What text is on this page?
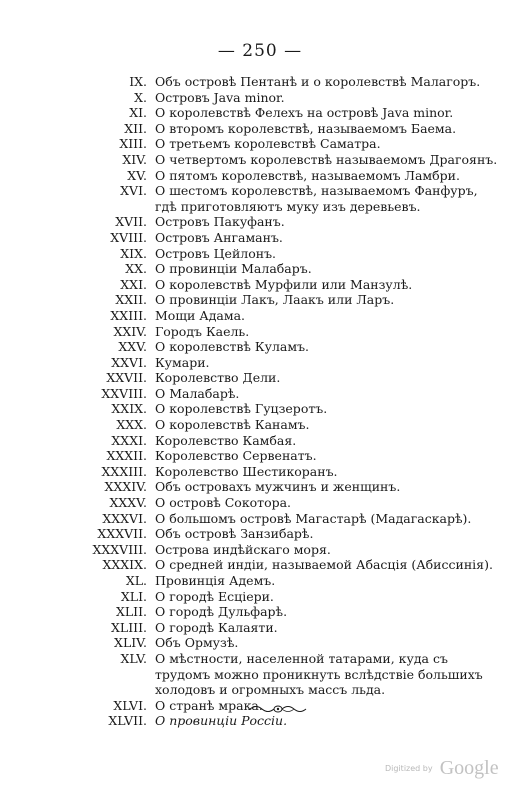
— 250 —
IX. Объ островѣ Пентанѣ и о королевствѣ Малагоръ.
X. Островъ Java minor.
XI. О королевствѣ Фелехъ на островѣ Java minor.
XII. О второмъ королевствѣ, называемомъ Баема.
XIII. О третьемъ королевствѣ Саматра.
XIV. О четвертомъ королевствѣ называемомъ Драгоянъ.
XV. О пятомъ королевствѣ, называемомъ Ламбри.
XVI. О шестомъ королевствѣ, называемомъ Фанфуръ, гдѣ приготовляютъ муку изъ деревьевъ.
XVII. Островъ Пакуфанъ.
XVIII. Островъ Ангаманъ.
XIX. Островъ Цейлонъ.
XX. О провинціи Малабаръ.
XXI. О королевствѣ Мурфили или Манзулѣ.
XXII. О провинціи Лакъ, Лаакъ или Ларъ.
XXIII. Мощи Адама.
XXIV. Городъ Каель.
XXV. О королевствѣ Куламъ.
XXVI. Кумари.
XXVII. Королевство Дели.
XXVIII. О Малабарѣ.
XXIX. О королевствѣ Гуцзеротъ.
XXX. О королевствѣ Канамъ.
XXXI. Королевство Камбая.
XXXII. Королевство Сервенатъ.
XXXIII. Королевство Шестикоранъ.
XXXIV. Объ островахъ мужчинъ и женщинъ.
XXXV. О островѣ Сокотора.
XXXVI. О большомъ островѣ Магастарѣ (Мадагаскарѣ).
XXXVII. Объ островѣ Занзибарѣ.
XXXVIII. Острова индѣйскаго моря.
XXXIX. О средней индіи, называемой Абасція (Абиссинія).
XL. Провинція Адемъ.
XLI. О городѣ Есціери.
XLII. О городѣ Дульфарѣ.
XLIII. О городѣ Калаяти.
XLIV. Объ Ормузѣ.
XLV. О мѣстности, населенной татарами, куда съ трудомъ можно проникнуть вслѣдствіе большихъ холодовъ и огромныхъ массъ льда.
XLVI. О странѣ мрака.
XLVII. О провинціи Россіи.
Digitized by Google
